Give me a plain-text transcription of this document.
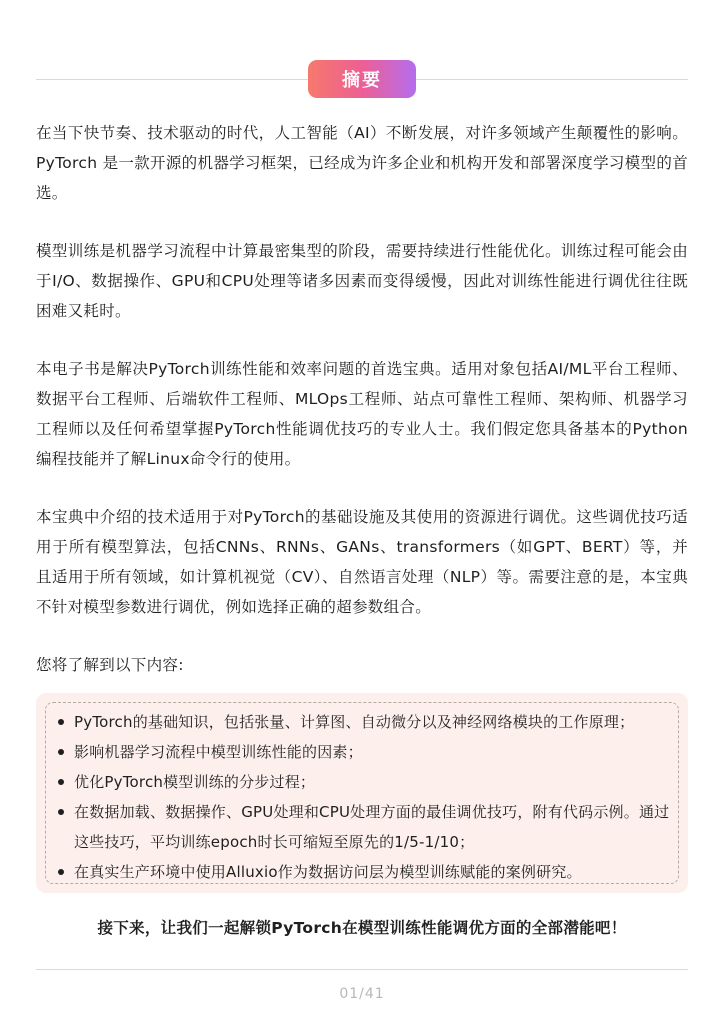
摘要

在当下快节奏、技术驱动的时代，人工智能（AI）不断发展，对许多领域产生颠覆性的影响。PyTorch 是一款开源的机器学习框架，已经成为许多企业和机构开发和部署深度学习模型的首选。

模型训练是机器学习流程中计算最密集型的阶段，需要持续进行性能优化。训练过程可能会由于I/O、数据操作、GPU和CPU处理等诸多因素而变得缓慢，因此对训练性能进行调优往往既困难又耗时。

本电子书是解决PyTorch训练性能和效率问题的首选宝典。适用对象包括AI/ML平台工程师、数据平台工程师、后端软件工程师、MLOps工程师、站点可靠性工程师、架构师、机器学习工程师以及任何希望掌握PyTorch性能调优技巧的专业人士。我们假定您具备基本的Python编程技能并了解Linux命令行的使用。

本宝典中介绍的技术适用于对PyTorch的基础设施及其使用的资源进行调优。这些调优技巧适用于所有模型算法，包括CNNs、RNNs、GANs、transformers（如GPT、BERT）等，并且适用于所有领域，如计算机视觉（CV）、自然语言处理（NLP）等。需要注意的是，本宝典不针对模型参数进行调优，例如选择正确的超参数组合。

您将了解到以下内容:

PyTorch的基础知识，包括张量、计算图、自动微分以及神经网络模块的工作原理；
影响机器学习流程中模型训练性能的因素；
优化PyTorch模型训练的分步过程；
在数据加载、数据操作、GPU处理和CPU处理方面的最佳调优技巧，附有代码示例。通过这些技巧，平均训练epoch时长可缩短至原先的1/5-1/10；
在真实生产环境中使用Alluxio作为数据访问层为模型训练赋能的案例研究。
接下来，让我们一起解锁PyTorch在模型训练性能调优方面的全部潜能吧！
01/41
